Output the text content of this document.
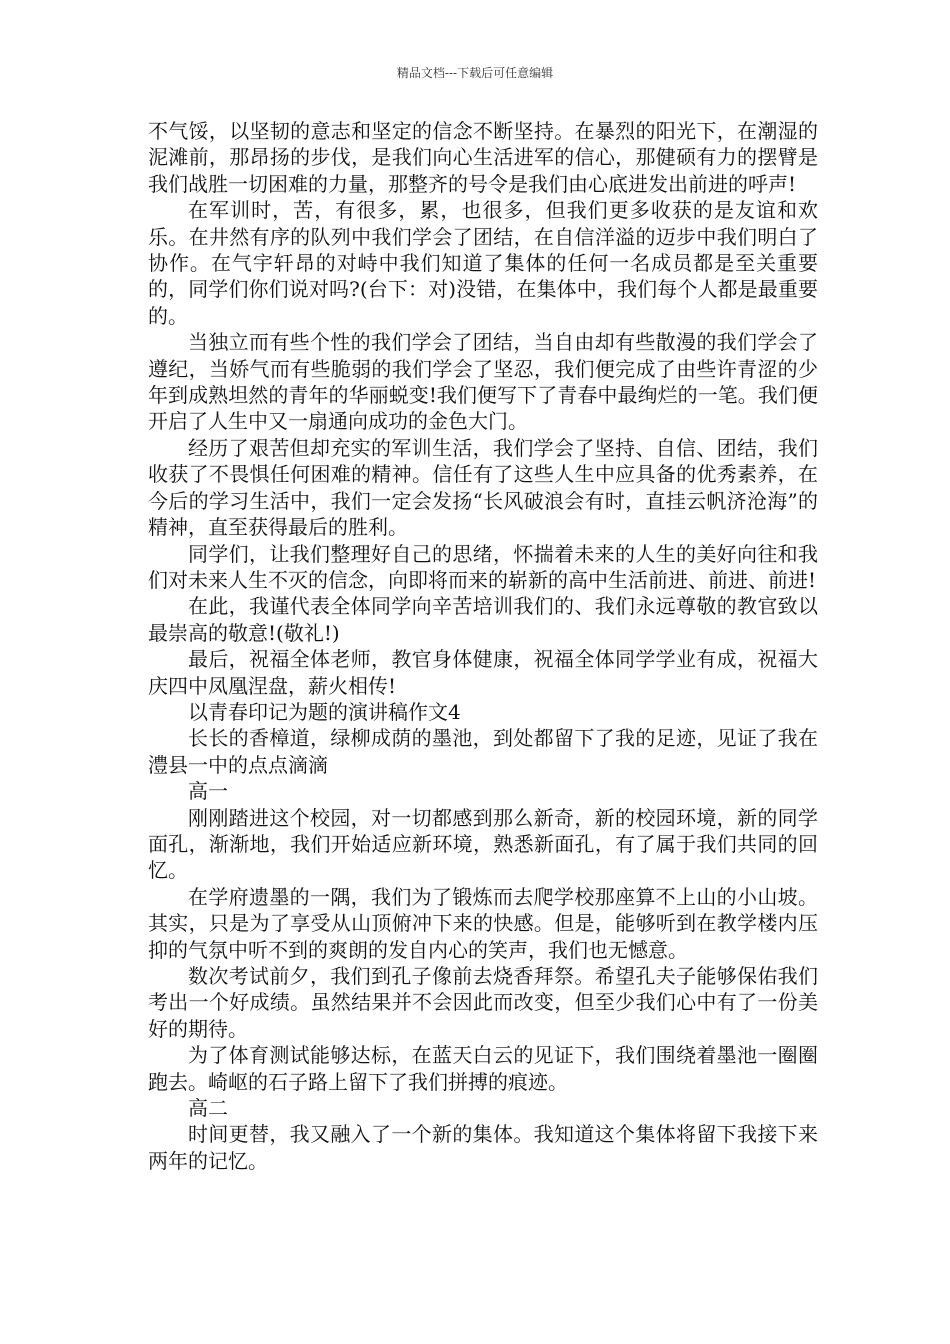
精品文档---下载后可任意编辑

不气馁，以坚韧的意志和坚定的信念不断坚持。在暴烈的阳光下，在潮湿的泥滩前，那昂扬的步伐，是我们向心生活进军的信心，那健硕有力的摆臂是我们战胜一切困难的力量，那整齐的号令是我们由心底进发出前进的呼声!

在军训时，苦，有很多，累，也很多，但我们更多收获的是友谊和欢乐。在井然有序的队列中我们学会了团结，在自信洋溢的迈步中我们明白了协作。在气宇轩昂的对峙中我们知道了集体的任何一名成员都是至关重要的，同学们你们说对吗?(台下：对)没错，在集体中，我们每个人都是最重要的。

当独立而有些个性的我们学会了团结，当自由却有些散漫的我们学会了遵纪，当娇气而有些脆弱的我们学会了坚忍，我们便完成了由些许青涩的少年到成熟坦然的青年的华丽蜕变!我们便写下了青春中最绚烂的一笔。我们便开启了人生中又一扇通向成功的金色大门。

经历了艰苦但却充实的军训生活，我们学会了坚持、自信、团结，我们收获了不畏惧任何困难的精神。信任有了这些人生中应具备的优秀素养，在今后的学习生活中，我们一定会发扬“长风破浪会有时，直挂云帆济沧海”的精神，直至获得最后的胜利。

同学们，让我们整理好自己的思绪，怀揣着未来的人生的美好向往和我们对未来人生不灭的信念，向即将而来的崭新的高中生活前进、前进、前进!

在此，我谨代表全体同学向辛苦培训我们的、我们永远尊敬的教官致以最崇高的敬意!(敬礼!)

最后，祝福全体老师，教官身体健康，祝福全体同学学业有成，祝福大庆四中凤凰涅盘，薪火相传!

以青春印记为题的演讲稿作文4

长长的香樟道，绿柳成荫的墨池，到处都留下了我的足迹，见证了我在澧县一中的点点滴滴

高一

刚刚踏进这个校园，对一切都感到那么新奇，新的校园环境，新的同学面孔，渐渐地，我们开始适应新环境，熟悉新面孔，有了属于我们共同的回忆。

在学府遗墨的一隅，我们为了锻炼而去爬学校那座算不上山的小山坡。其实，只是为了享受从山顶俯冲下来的快感。但是，能够听到在教学楼内压抑的气氛中听不到的爽朗的发自内心的笑声，我们也无憾意。

数次考试前夕，我们到孔子像前去烧香拜祭。希望孔夫子能够保佑我们考出一个好成绩。虽然结果并不会因此而改变，但至少我们心中有了一份美好的期待。

为了体育测试能够达标，在蓝天白云的见证下，我们围绕着墨池一圈圈跑去。崎岖的石子路上留下了我们拼搏的痕迹。

高二

时间更替，我又融入了一个新的集体。我知道这个集体将留下我接下来两年的记忆。
